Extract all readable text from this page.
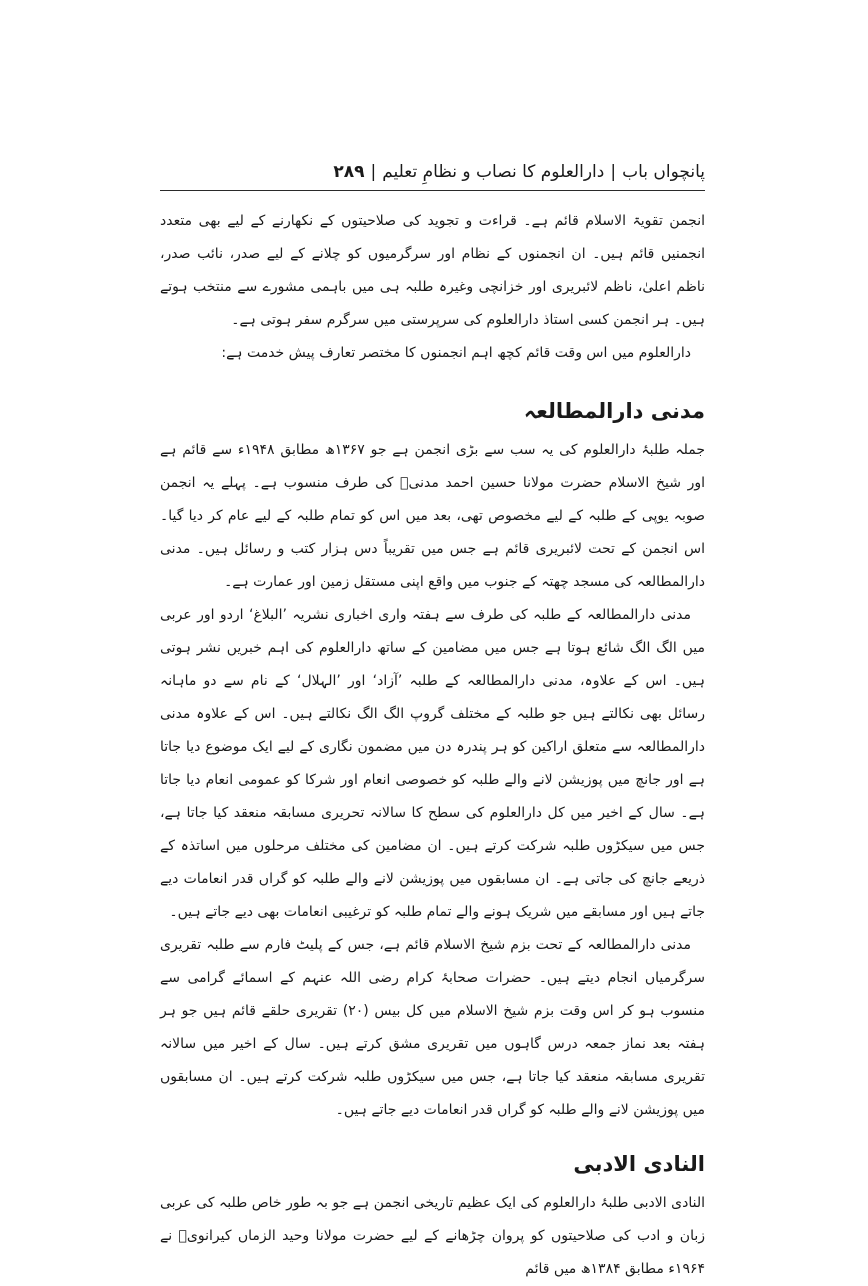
پانچواں باب|دارالعلوم کا نصاب و نظامِ تعلیم|۲۸۹

انجمن تقویۃ الاسلام قائم ہے۔ قراءت و تجوید کی صلاحیتوں کے نکھارنے کے لیے بھی متعدد انجمنیں قائم ہیں۔ ان انجمنوں کے نظام اور سرگرمیوں کو چلانے کے لیے صدر، نائب صدر، ناظم اعلیٰ، ناظم لائبریری اور خزانچی وغیرہ طلبہ ہی میں باہمی مشورے سے منتخب ہوتے ہیں۔ ہر انجمن کسی استاذ دارالعلوم کی سرپرستی میں سرگرم سفر ہوتی ہے۔

دارالعلوم میں اس وقت قائم کچھ اہم انجمنوں کا مختصر تعارف پیش خدمت ہے:

مدنی دارالمطالعہ

جملہ طلبۂ دارالعلوم کی یہ سب سے بڑی انجمن ہے جو ۱۳۶۷ھ مطابق ۱۹۴۸ء سے قائم ہے اور شیخ الاسلام حضرت مولانا حسین احمد مدنیؒ کی طرف منسوب ہے۔ پہلے یہ انجمن صوبہ یوپی کے طلبہ کے لیے مخصوص تھی، بعد میں اس کو تمام طلبہ کے لیے عام کر دیا گیا۔ اس انجمن کے تحت لائبریری قائم ہے جس میں تقریباً دس ہزار کتب و رسائل ہیں۔ مدنی دارالمطالعہ کی مسجد چھتہ کے جنوب میں واقع اپنی مستقل زمین اور عمارت ہے۔

مدنی دارالمطالعہ کے طلبہ کی طرف سے ہفتہ واری اخباری نشریہ ’البلاغ‘ اردو اور عربی میں الگ الگ شائع ہوتا ہے جس میں مضامین کے ساتھ دارالعلوم کی اہم خبریں نشر ہوتی ہیں۔ اس کے علاوہ، مدنی دارالمطالعہ کے طلبہ ’آزاد‘ اور ’الہلال‘ کے نام سے دو ماہانہ رسائل بھی نکالتے ہیں جو طلبہ کے مختلف گروپ الگ الگ نکالتے ہیں۔ اس کے علاوہ مدنی دارالمطالعہ سے متعلق اراکین کو ہر پندرہ دن میں مضمون نگاری کے لیے ایک موضوع دیا جاتا ہے اور جانچ میں پوزیشن لانے والے طلبہ کو خصوصی انعام اور شرکا کو عمومی انعام دیا جاتا ہے۔ سال کے اخیر میں کل دارالعلوم کی سطح کا سالانہ تحریری مسابقہ منعقد کیا جاتا ہے، جس میں سیکڑوں طلبہ شرکت کرتے ہیں۔ ان مضامین کی مختلف مرحلوں میں اساتذہ کے ذریعے جانچ کی جاتی ہے۔ ان مسابقوں میں پوزیشن لانے والے طلبہ کو گراں قدر انعامات دیے جاتے ہیں اور مسابقے میں شریک ہونے والے تمام طلبہ کو ترغیبی انعامات بھی دیے جاتے ہیں۔

مدنی دارالمطالعہ کے تحت بزم شیخ الاسلام قائم ہے، جس کے پلیٹ فارم سے طلبہ تقریری سرگرمیاں انجام دیتے ہیں۔ حضرات صحابۂ کرام رضی اللہ عنہم کے اسمائے گرامی سے منسوب ہو کر اس وقت بزم شیخ الاسلام میں کل بیس (۲۰) تقریری حلقے قائم ہیں جو ہر ہفتہ بعد نماز جمعہ درس گاہوں میں تقریری مشق کرتے ہیں۔ سال کے اخیر میں سالانہ تقریری مسابقہ منعقد کیا جاتا ہے، جس میں سیکڑوں طلبہ شرکت کرتے ہیں۔ ان مسابقوں میں پوزیشن لانے والے طلبہ کو گراں قدر انعامات دیے جاتے ہیں۔

النادی الادبی

النادی الادبی طلبۂ دارالعلوم کی ایک عظیم تاریخی انجمن ہے جو بہ طور خاص طلبہ کی عربی زبان و ادب کی صلاحیتوں کو پروان چڑھانے کے لیے حضرت مولانا وحید الزماں کیرانویؒ نے ۱۹۶۴ء مطابق ۱۳۸۴ھ میں قائم
